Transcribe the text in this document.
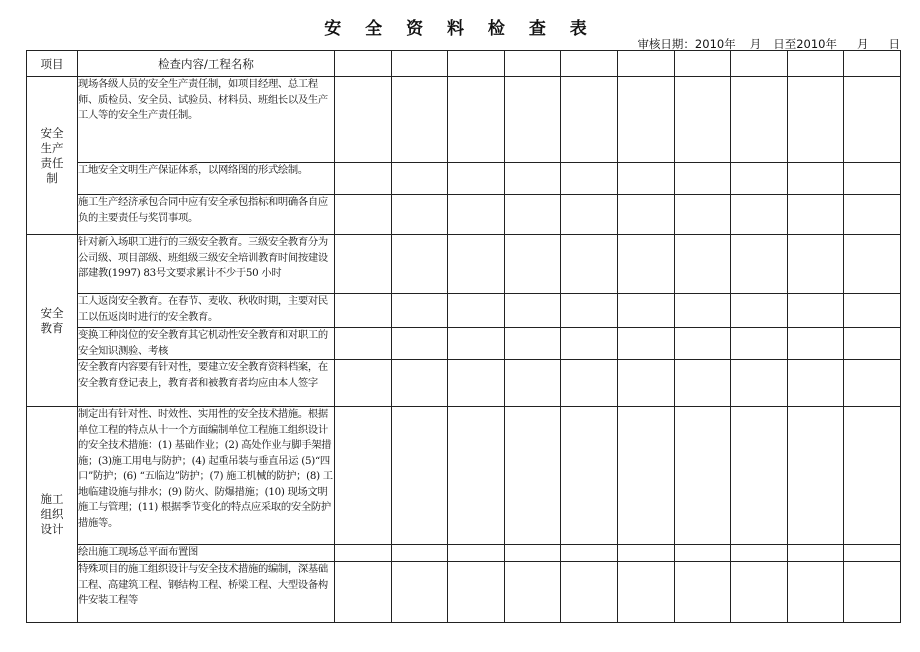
安 全 资 料 检 查 表
审核日期：2010年 月 日至2010年 月 日
项目	检查内容/工程名称										
安全生产责任制	现场各级人员的安全生产责任制，如项目经理、总工程师、质检员、安全员、试验员、材料员、班组长以及生产工人等的安全生产责任制。										
	工地安全文明生产保证体系，以网络图的形式绘制。										
	施工生产经济承包合同中应有安全承包指标和明确各自应负的主要责任与奖罚事项。										
安全教育	针对新入场职工进行的三级安全教育。三级安全教育分为公司级、项目部级、班组级三级安全培训教育时间按建设部建教(1997) 83号文要求累计不少于50 小时										
	工人返岗安全教育。在春节、麦收、秋收时期，主要对民工以伍返岗时进行的安全教育。										
	变换工种岗位的安全教育其它机动性安全教育和对职工的安全知识测验、考核										
	安全教育内容要有针对性，要建立安全教育资料档案，在安全教育登记表上，教育者和被教育者均应由本人签字										
施工组织设计	制定出有针对性、时效性、实用性的安全技术措施。根据单位工程的特点从十一个方面编制单位工程施工组织设计的安全技术措施：(1) 基础作业；(2) 高处作业与脚手架措施；(3)施工用电与防护；(4) 起重吊装与垂直吊运 (5)“四口”防护；(6) “五临边”防护；(7) 施工机械的防护；(8) 工地临建设施与排水；(9) 防火、防爆措施；(10) 现场文明施工与管理；(11) 根据季节变化的特点应采取的安全防护措施等。										
	绘出施工现场总平面布置图										
	特殊项目的施工组织设计与安全技术措施的编制，深基础工程、高建筑工程、钢结构工程、桥梁工程、大型设备构件安装工程等										
